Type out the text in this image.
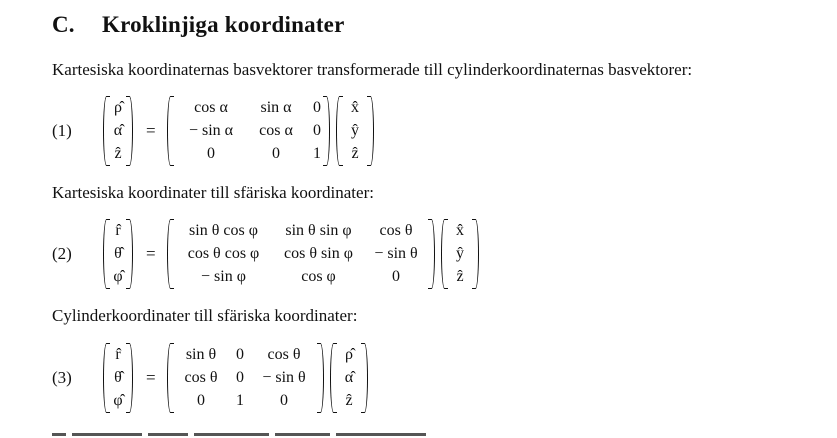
C. Kroklinjiga koordinater
Kartesiska koordinaternas basvektorer transformerade till cylinderkoordinaternas basvektorer:
(1)
ρ̂
α̂
ẑ
=
cos α	sin α	0
− sin α	cos α	0
0	0	1
x̂
ŷ
ẑ
Kartesiska koordinater till sfäriska koordinater:
(2)
r̂
θ̂
φ̂
=
sin θ cos φ	sin θ sin φ	cos θ
cos θ cos φ	cos θ sin φ	− sin θ
− sin φ	cos φ	0
x̂
ŷ
ẑ
Cylinderkoordinater till sfäriska koordinater:
(3)
r̂
θ̂
φ̂
=
sin θ	0	cos θ
cos θ	0	− sin θ
0	1	0
ρ̂
α̂
ẑ
